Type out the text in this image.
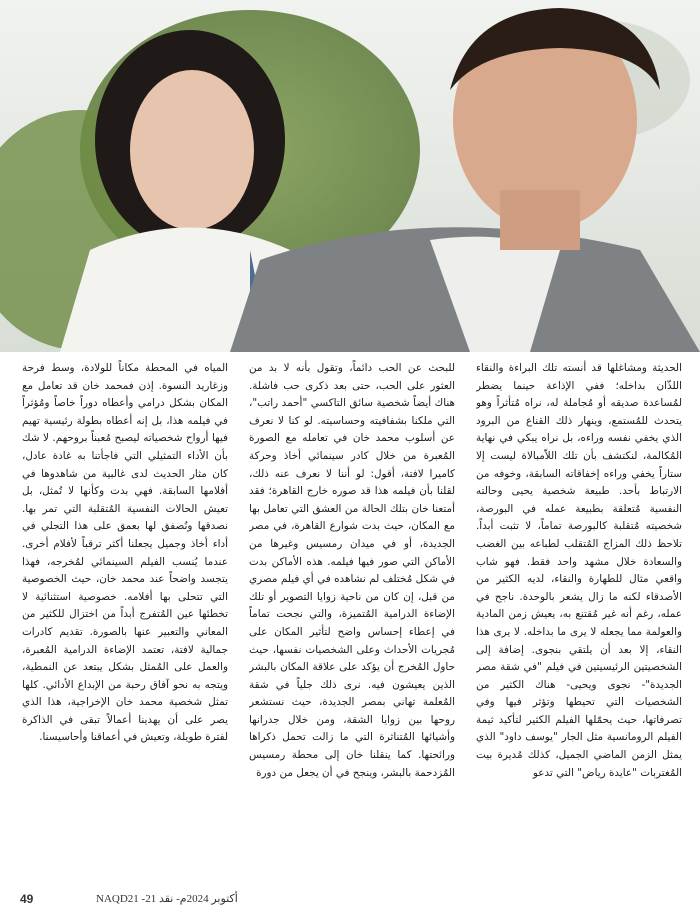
الحديثة ومشاغلها قد أنسته تلك البراءة والنقاء اللذّان بداخله؛ ففي الإذاعة حينما يضطر لمُساعدة صديقه أو مُجاملة له، نراه مُتأثراً وهو يتحدث للمُستمع، وينهار ذلك القناع من البرود الذي يخفي نفسه وراءه، بل نراه يبكي في نهاية المُكالمة، لنكتشف بأن تلك اللاّمبالاة ليست إلا ستاراً يخفي وراءه إخفاقاته السابقة، وخوفه من الارتباط بأحد. طبيعة شخصية يحيى وحالته النفسية مُتعلقة بطبيعة عمله في البورصة، شخصيته مُتقلبة كالبورصة تماماً، لا تثبت أبداً. تلاحظ ذلك المزاج المُتقلب لطباعه بين الغضب والسعادة خلال مشهد واحد فقط. فهو شاب واقعي مثال للطهارة والنقاء، لديه الكثير من الأصدقاء لكنه ما زال يشعر بالوحدة. ناجح في عمله، رغم أنه غير مُقتنع به، يعيش زمن المادية والعولمة مما يجعله لا يرى ما بداخله. لا يرى هذا النقاء، إلا بعد أن يلتقي بنجوى. إضافة إلى الشخصيتين الرئيسيتين في فيلم "في شقة مصر الجديدة"- نجوى ويحيى- هناك الكثير من الشخصيات التي تحيطها وتؤثر فيها وفي تصرفاتها، حيث يحمّلها الفيلم الكثير لتأكيد ثيمة الفيلم الرومانسية مثل الجار "يوسف داود" الذي يمثل الزمن الماضي الجميل، كذلك مُديرة بيت المُغتربات "عايدة رياض" التي تدعو

للبحث عن الحب دائماً، وتقول بأنه لا بد من العثور على الحب، حتى بعد ذكرى حب فاشلة. هناك أيضاً شخصية سائق التاكسي "أحمد راتب"، التي ملكنا بشفافيته وحساسيته. لو كنا لا نعرف عن أسلوب محمد خان في تعامله مع الصورة المُعبرة من خلال كادر سينمائي أخاذ وحركة كاميرا لافتة، أقول: لو أننا لا نعرف عنه ذلك، لقلنا بأن فيلمه هذا قد صوره خارج القاهرة؛ فقد أمتعنا خان بتلك الحالة من العشق التي تعامل بها مع المكان، حيث بدت شوارع القاهرة، في مصر الجديدة، أو في ميدان رمسيس وغيرها من الأماكن التي صور فيها فيلمه. هذه الأماكن بدت في شكل مُختلف لم نشاهده في أي فيلم مصري من قبل، إن كان من ناحية زوايا التصوير أو تلك الإضاءة الدرامية المُتميزة، والتي نجحت تماماً في إعطاء إحساس واضح لتأثير المكان على مُجريات الأحداث وعلى الشخصيات نفسها، حيث حاول المُخرج أن يؤكد على علاقة المكان بالبشر الذين يعيشون فيه. نرى ذلك جلياً في شقة المُعلمة تهاني بمصر الجديدة، حيث نستشعر روحها بين زوايا الشقة، ومن خلال جدرانها وأشيائها المُتناثرة التي ما زالت تحمل ذكراها ورائحتها. كما ينقلنا خان إلى محطة رمسيس المُزدحمة بالبشر، وينجح في أن يجعل من دورة

المياه في المحطة مكاناً للولادة، وسط فرحة وزغاريد النسوة. إذن فمحمد خان قد تعامل مع المكان بشكل درامي وأعطاه دوراً خاصاً ومُؤثراً في فيلمه هذا، بل إنه أعطاه بطولة رئيسية تهيم فيها أرواح شخصياته ليصبح مُعبناً بروحهم. لا شك بأن الأداء التمثيلي التي فاجأتنا به غادة عادل، كان مثار الحديث لدى غالبية من شاهدوها في أفلامها السابقة. فهي بدت وكأنها لا تُمثل، بل تعيش الحالات النفسية المُتقلبة التي تمر بها. نصدقها ونُصفق لها بعمق على هذا التجلي في أداء أخاذ وجميل يجعلنا أكثر ترقباً لأفلام أخرى. عندما يُنسب الفيلم السينمائي لمُخرجه، فهذا يتجسد واضحاً عند محمد خان، حيث الخصوصية التي تتحلى بها أفلامه. خصوصية استثنائية لا تخطئها عين المُتفرج أبداً من اختزال للكثير من المعاني والتعبير عنها بالصورة. تقديم كادرات جمالية لافتة، تعتمد الإضاءة الدرامية المُعبرة، والعمل على المُمثل بشكل يبتعد عن النمطية، ويتجه به نحو آفاق رحبة من الإبداع الأدائي. كلها تمثل شخصية محمد خان الإخراجية، هذا الذي يصر على أن يهدينا أعمالاً تبقى في الذاكرة لفترة طويلة، وتعيش في أعماقنا وأحاسيسنا.

49	NAQD21 -أكتوبر 2024م- نقد 21
